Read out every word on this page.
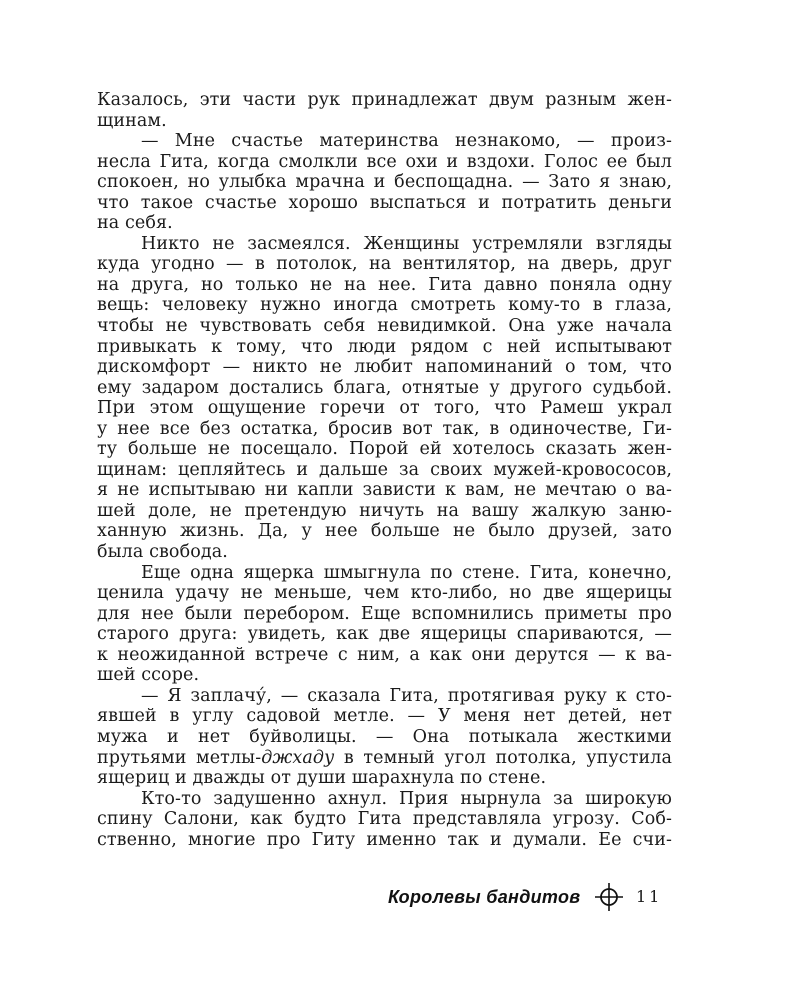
Казалось, эти части рук принадлежат двум разным жен-
щинам.
— Мне счастье материнства незнакомо, — произ-
несла Гита, когда смолкли все охи и вздохи. Голос ее был
спокоен, но улыбка мрачна и беспощадна. — Зато я знаю,
что такое счастье хорошо выспаться и потратить деньги
на себя.
Никто не засмеялся. Женщины устремляли взгляды
куда угодно — в потолок, на вентилятор, на дверь, друг
на друга, но только не на нее. Гита давно поняла одну
вещь: человеку нужно иногда смотреть кому-то в глаза,
чтобы не чувствовать себя невидимкой. Она уже начала
привыкать к тому, что люди рядом с ней испытывают
дискомфорт — никто не любит напоминаний о том, что
ему задаром достались блага, отнятые у другого судьбой.
При этом ощущение горечи от того, что Рамеш украл
у нее все без остатка, бросив вот так, в одиночестве, Ги-
ту больше не посещало. Порой ей хотелось сказать жен-
щинам: цепляйтесь и дальше за своих мужей-кровососов,
я не испытываю ни капли зависти к вам, не мечтаю о ва-
шей доле, не претендую ничуть на вашу жалкую заню-
ханную жизнь. Да, у нее больше не было друзей, зато
была свобода.
Еще одна ящерка шмыгнула по стене. Гита, конечно,
ценила удачу не меньше, чем кто-либо, но две ящерицы
для нее были перебором. Еще вспомнились приметы про
старого друга: увидеть, как две ящерицы спариваются, —
к неожиданной встрече с ним, а как они дерутся — к ва-
шей ссоре.
— Я заплачу́, — сказала Гита, протягивая руку к сто-
явшей в углу садовой метле. — У меня нет детей, нет
мужа и нет буйволицы. — Она потыкала жесткими
прутьями метлы-джхаду в темный угол потолка, упустила
ящериц и дважды от души шарахнула по стене.
Кто-то задушенно ахнул. Прия нырнула за широкую
спину Салони, как будто Гита представляла угрозу. Соб-
ственно, многие про Гиту именно так и думали. Ее счи-
Королевы бандитов	11
